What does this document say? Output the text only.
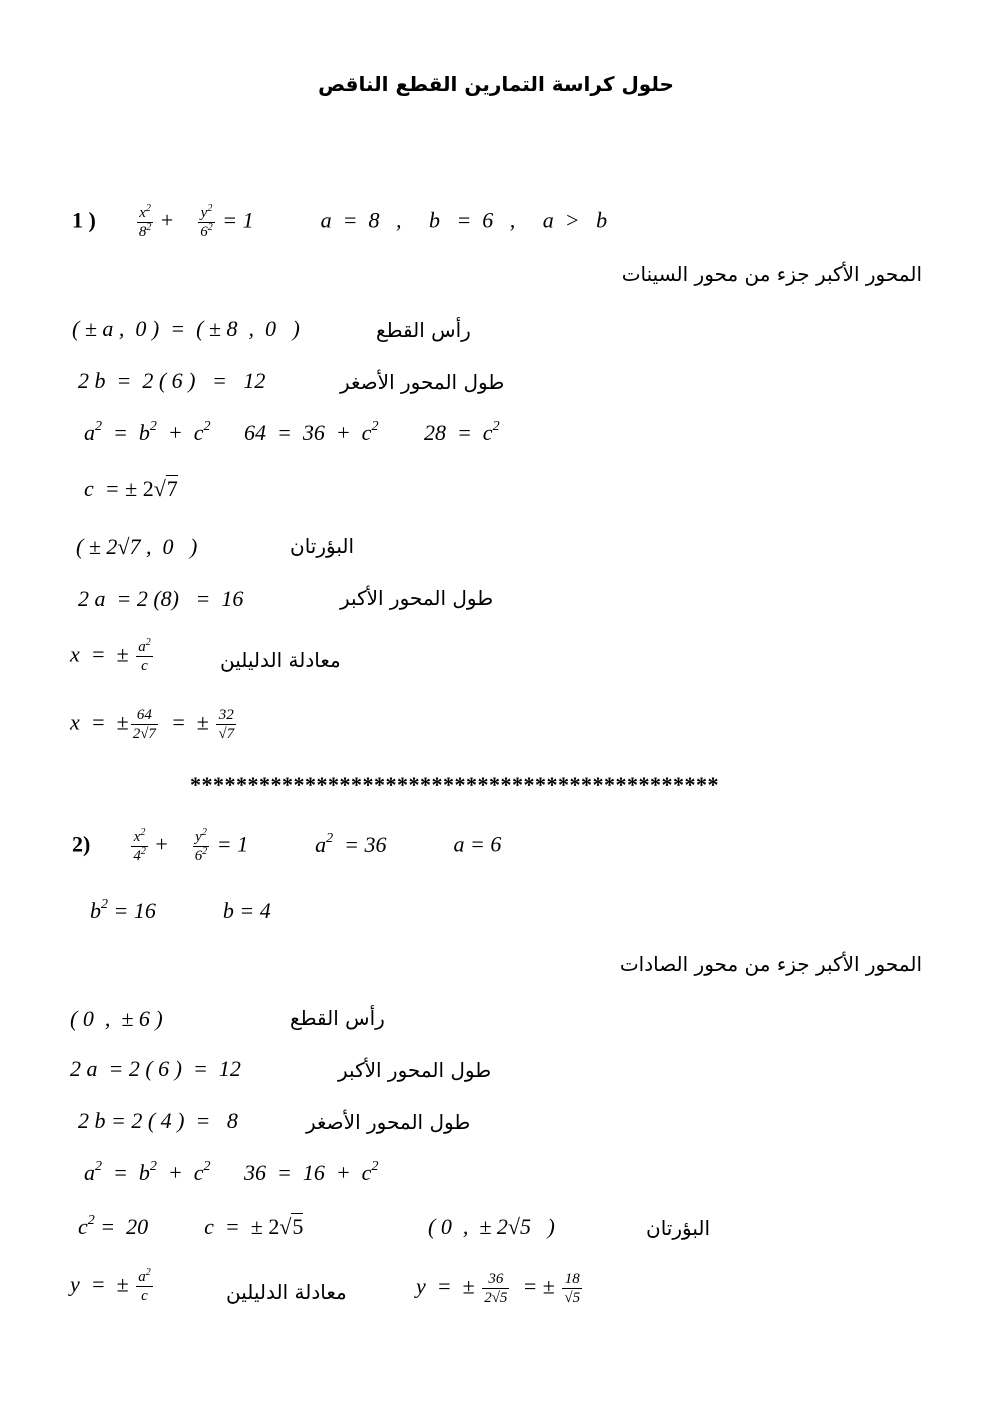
حلول كراسة التمارين القطع الناقص
1 )	$\frac{x^2}{8^2} + \frac{y^2}{6^2} = 1$	a  =  8   ,     b   =  6   ,     a  >   b
المحور الأكبر جزء من محور السينات
( ± a ,  0 )  =  ( ± 8  ,  0   )	رأس القطع
2 b  =  2 ( 6 )   =   12	طول المحور الأصغر
$a^2 = b^2 + c^2$ $64 = 36 + c^2$ $28 = c^2$
c  = ± 2√7
( ± 2√7 ,  0   )	البؤرتان
2 a  = 2 (8)   =  16	طول المحور الأكبر
x  =  ± $\frac{a^2}{c}$	معادلة الدليلين
x  =  ± $\frac{64}{2√7}$ =  ± $\frac{32}{√7}$
**********************************************
2)	$\frac{x^2}{4^2} + \frac{y^2}{6^2} = 1$	$a^2 = 36$	a = 6
$b^2 = 16$	b = 4
المحور الأكبر جزء من محور الصادات
( 0  ,  ± 6 )	رأس القطع
2 a  = 2 ( 6 )  =  12	طول المحور الأكبر
2 b = 2 ( 4 )  =   8	طول المحور الأصغر
$a^2 = b^2 + c^2$ $36 = 16 + c^2$
$c^2 = 20$	c  =  ± 2√5	( 0  ,  ± 2√5   )	البؤرتان
y  =  ± $\frac{a^2}{c}$	معادلة الدليلين	y  =  ± $\frac{36}{2√5}$ = ± $\frac{18}{√5}$
